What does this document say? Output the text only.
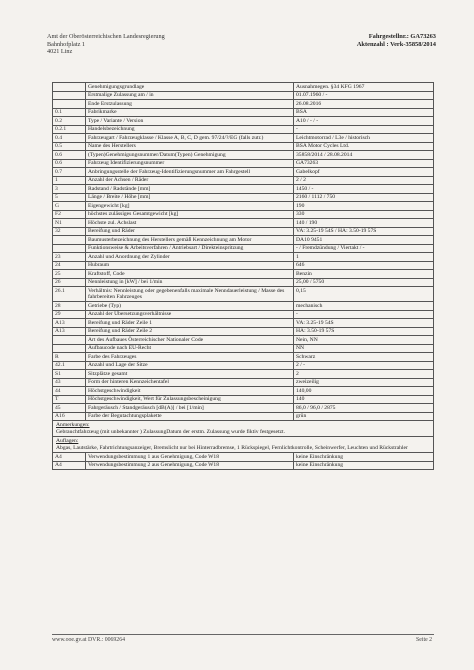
Amt der Oberösterreichischen Landesregierung
Bahnhofplatz 1
4021 Linz
Fahrgestellnr.: GA73263
Aktenzahl : Verk-35858/2014
	Genehmigungsgrundlage	Ausnahmegen. §34 KFG 1967
	Erstmalige Zulassung am / in	01.07.1960 / -
	Ende Erstzulassung	26.08.2016
0.1	Fabrikmarke	BSA
0.2	Type / Variante / Version	A10 / - / -
0.2.1	Handelsbezeichnung	-
0.4	Fahrzeugart / Fahrzeugklasse / Klasse A, B, C, D gem. 97/24/?/EG (falls zutr.)	Leichtmotorrad / L3e / historisch
0.5	Name des Herstellers	BSA Motor Cycles Ltd.
0.6	(Typen)Genehmigungsnummer/Datum(Typen) Genehmigung	35858/2014 / 28.08.2014
0.6	Fahrzeug Identifizierungsnummer	GA73263
0.7	Anbringungsstelle der Fahrzeug-Identifizierungsnummer am Fahrgestell	Gabelkopf
1	Anzahl der Achsen / Räder	2 / 2
3	Radstand / Radstände [mm]	1450 / -
5	Länge / Breite / Höhe [mm]	2160 / 1112 / 750
G	Eigengewicht [kg]	190
F2	höchstes zulässiges Gesamtgewicht [kg]	330
N1	Höchste zul. Achslast	140 / 190
32	Bereifung und Räder	VA: 3.25-19 54S / HA: 3.50-19 57S
	Baumusterbezeichnung des Herstellers gemäß Kennzeichnung am Motor	DA10 9451
	Funktionsweise & Arbeitsverfahren / Antriebsart / Direkteinspritzung	- / Fremdzündung / Viertakt / -
23	Anzahl und Anordnung der Zylinder	1
24	Hubraum	646
25	Kraftstoff, Code	Benzin
26	Nennleistung in [kW] / bei 1/min	25,00 / 5750
26.1	Verhältnis: Nennleistung oder gegebenenfalls maximale Nenndauerleistung / Masse des fahrbereiten Fahrzeuges	0,15
28	Getriebe (Typ)	mechanisch
29	Anzahl der Übersetzungsverhältnisse	-
A13	Bereifung und Räder Zeile 1	VA: 3.25-19 54S
A13	Bereifung und Räder Zeile 2	HA: 3.50-19 57S
	Art des Aufbaues Österreichischer Nationaler Code	Nein, NN
	Aufbaucode nach EU-Recht	NN
R	Farbe des Fahrzeuges	Schwarz
42.1	Anzahl und Lage der Sitze	2 / -
S1	Sitzplätze gesamt	2
43	Form der hinteren Kennzeichentafel	zweizeilig
44	Höchstgeschwindigkeit	140,00
T	Höchstgeschwindigkeit, Wert für Zulassungsbescheinigung	140
45	Fahrgeräusch / Standgeräusch [dB(A)] / bei [1/min]	86,0 / 96,0 / 2875
A16	Farbe der Begutachtungsplakette	grün

Anmerkungen:
Gebrauchtfahrzeug (mit unbekannter ) ZulassungDatum der erstm. Zulassung wurde fiktiv festgesetzt.		

Auflagen:
Abgas, Lautstärke, Fahrtrichtungsanzeiger, Bremslicht nur bei Hinterradbremse, 1 Rückspiegel, Fernlichtkontrolle, Scheinwerfer, Leuchten und Rückstrahler		

A4	Verwendungsbestimmung 1 aus Genehmigung, Code W18	keine Einschränkung
A4	Verwendungsbestimmung 2 aus Genehmigung, Code W18	keine Einschränkung
www.ooe.gv.at DVR.: 0069264	Seite 2
